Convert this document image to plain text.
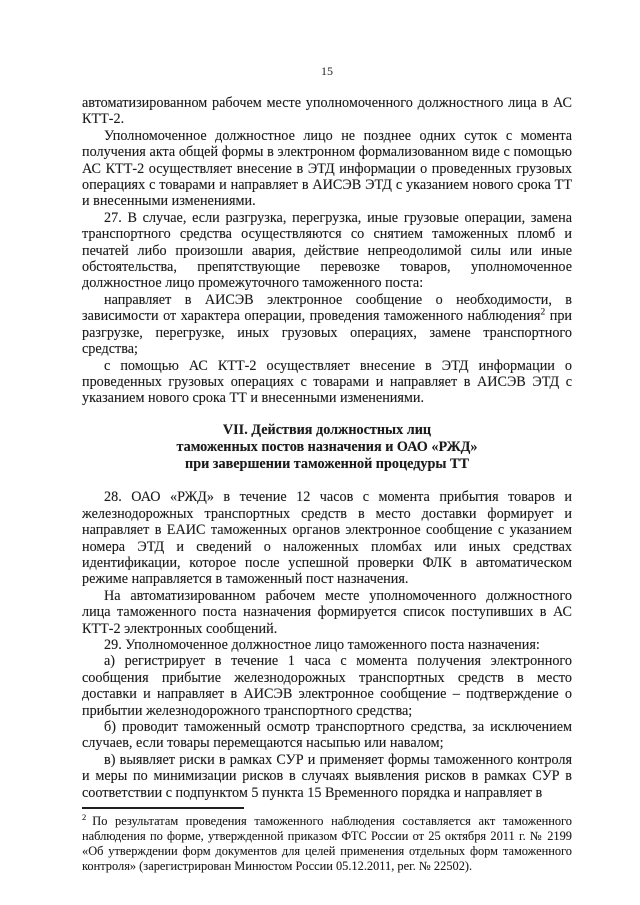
15

автоматизированном рабочем месте уполномоченного должностного лица в АС КТТ-2.

Уполномоченное должностное лицо не позднее одних суток с момента получения акта общей формы в электронном формализованном виде с помощью АС КТТ-2 осуществляет внесение в ЭТД информации о проведенных грузовых операциях с товарами и направляет в АИСЭВ ЭТД с указанием нового срока ТТ и внесенными изменениями.

27. В случае, если разгрузка, перегрузка, иные грузовые операции, замена транспортного средства осуществляются со снятием таможенных пломб и печатей либо произошли авария, действие непреодолимой силы или иные обстоятельства, препятствующие перевозке товаров, уполномоченное должностное лицо промежуточного таможенного поста:

направляет в АИСЭВ электронное сообщение о необходимости, в зависимости от характера операции, проведения таможенного наблюдения$^2$ при разгрузке, перегрузке, иных грузовых операциях, замене транспортного средства;

с помощью АС КТТ-2 осуществляет внесение в ЭТД информации о проведенных грузовых операциях с товарами и направляет в АИСЭВ ЭТД с указанием нового срока ТТ и внесенными изменениями.

VII. Действия должностных лиц
таможенных постов назначения и ОАО «РЖД»
при завершении таможенной процедуры ТТ

28. ОАО «РЖД» в течение 12 часов с момента прибытия товаров и железнодорожных транспортных средств в место доставки формирует и направляет в ЕАИС таможенных органов электронное сообщение с указанием номера ЭТД и сведений о наложенных пломбах или иных средствах идентификации, которое после успешной проверки ФЛК в автоматическом режиме направляется в таможенный пост назначения.

На автоматизированном рабочем месте уполномоченного должностного лица таможенного поста назначения формируется список поступивших в АС КТТ-2 электронных сообщений.

29. Уполномоченное должностное лицо таможенного поста назначения:

а) регистрирует в течение 1 часа с момента получения электронного сообщения прибытие железнодорожных транспортных средств в место доставки и направляет в АИСЭВ электронное сообщение – подтверждение о прибытии железнодорожного транспортного средства;

б) проводит таможенный осмотр транспортного средства, за исключением случаев, если товары перемещаются насыпью или навалом;

в) выявляет риски в рамках СУР и применяет формы таможенного контроля и меры по минимизации рисков в случаях выявления рисков в рамках СУР в соответствии с подпунктом 5 пункта 15 Временного порядка и направляет в

$^2$ По результатам проведения таможенного наблюдения составляется акт таможенного наблюдения по форме, утвержденной приказом ФТС России от 25 октября 2011 г. № 2199 «Об утверждении форм документов для целей применения отдельных форм таможенного контроля» (зарегистрирован Минюстом России 05.12.2011, рег. № 22502).
